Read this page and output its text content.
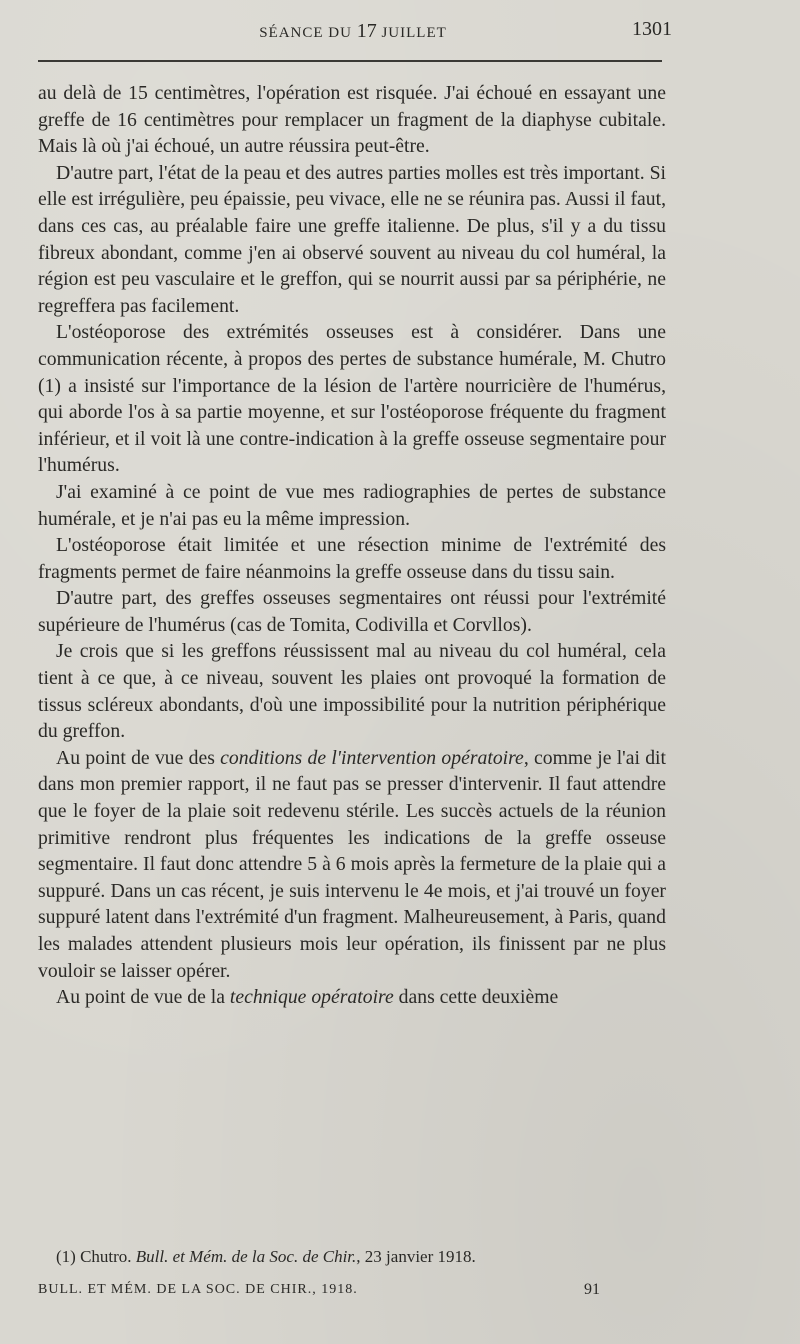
SÉANCE DU 17 JUILLET	1301

au delà de 15 centimètres, l'opération est risquée. J'ai échoué en essayant une greffe de 16 centimètres pour remplacer un fragment de la diaphyse cubitale. Mais là où j'ai échoué, un autre réussira peut-être.

D'autre part, l'état de la peau et des autres parties molles est très important. Si elle est irrégulière, peu épaissie, peu vivace, elle ne se réunira pas. Aussi il faut, dans ces cas, au préalable faire une greffe italienne. De plus, s'il y a du tissu fibreux abondant, comme j'en ai observé souvent au niveau du col huméral, la région est peu vasculaire et le greffon, qui se nourrit aussi par sa périphérie, ne regreffera pas facilement.

L'ostéoporose des extrémités osseuses est à considérer. Dans une communication récente, à propos des pertes de substance humérale, M. Chutro (1) a insisté sur l'importance de la lésion de l'artère nourricière de l'humérus, qui aborde l'os à sa partie moyenne, et sur l'ostéoporose fréquente du fragment inférieur, et il voit là une contre-indication à la greffe osseuse segmentaire pour l'humérus.

J'ai examiné à ce point de vue mes radiographies de pertes de substance humérale, et je n'ai pas eu la même impression.

L'ostéoporose était limitée et une résection minime de l'extrémité des fragments permet de faire néanmoins la greffe osseuse dans du tissu sain.

D'autre part, des greffes osseuses segmentaires ont réussi pour l'extrémité supérieure de l'humérus (cas de Tomita, Codivilla et Corvllos).

Je crois que si les greffons réussissent mal au niveau du col huméral, cela tient à ce que, à ce niveau, souvent les plaies ont provoqué la formation de tissus scléreux abondants, d'où une impossibilité pour la nutrition périphérique du greffon.

Au point de vue des conditions de l'intervention opératoire, comme je l'ai dit dans mon premier rapport, il ne faut pas se presser d'intervenir. Il faut attendre que le foyer de la plaie soit redevenu stérile. Les succès actuels de la réunion primitive rendront plus fréquentes les indications de la greffe osseuse segmentaire. Il faut donc attendre 5 à 6 mois après la fermeture de la plaie qui a suppuré. Dans un cas récent, je suis intervenu le 4e mois, et j'ai trouvé un foyer suppuré latent dans l'extrémité d'un fragment. Malheureusement, à Paris, quand les malades attendent plusieurs mois leur opération, ils finissent par ne plus vouloir se laisser opérer.

Au point de vue de la technique opératoire dans cette deuxième

(1) Chutro. Bull. et Mém. de la Soc. de Chir., 23 janvier 1918.
BULL. ET MÉM. DE LA SOC. DE CHIR., 1918.	91
